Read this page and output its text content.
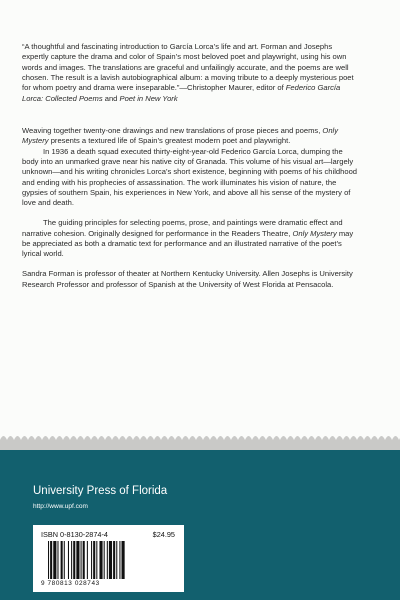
“A thoughtful and fascinating introduction to García Lorca’s life and art. Forman and Josephs expertly capture the drama and color of Spain’s most beloved poet and playwright, using his own words and images. The translations are graceful and unfailingly accurate, and the poems are well chosen. The result is a lavish autobiographical album: a moving tribute to a deeply mysterious poet for whom poetry and drama were inseparable.”—Christopher Maurer, editor of Federico García Lorca: Collected Poems and Poet in New York

Weaving together twenty-one drawings and new translations of prose pieces and poems, Only Mystery presents a textured life of Spain’s greatest modern poet and playwright.

In 1936 a death squad executed thirty-eight-year-old Federico García Lorca, dumping the body into an unmarked grave near his native city of Granada. This volume of his visual art—largely unknown—and his writing chronicles Lorca’s short existence, beginning with poems of his childhood and ending with his prophecies of assassination. The work illuminates his vision of nature, the gypsies of southern Spain, his experiences in New York, and above all his sense of the mystery of love and death.

The guiding principles for selecting poems, prose, and paintings were dramatic effect and narrative cohesion. Originally designed for performance in the Readers Theatre, Only Mystery may be appreciated as both a dramatic text for performance and an illustrated narrative of the poet’s lyrical world.

Sandra Forman is professor of theater at Northern Kentucky University. Allen Josephs is University Research Professor and professor of Spanish at the University of West Florida at Pensacola.

University Press of Florida
http://www.upf.com
ISBN 0-8130-2874-4	$24.95
9 780813 028743
